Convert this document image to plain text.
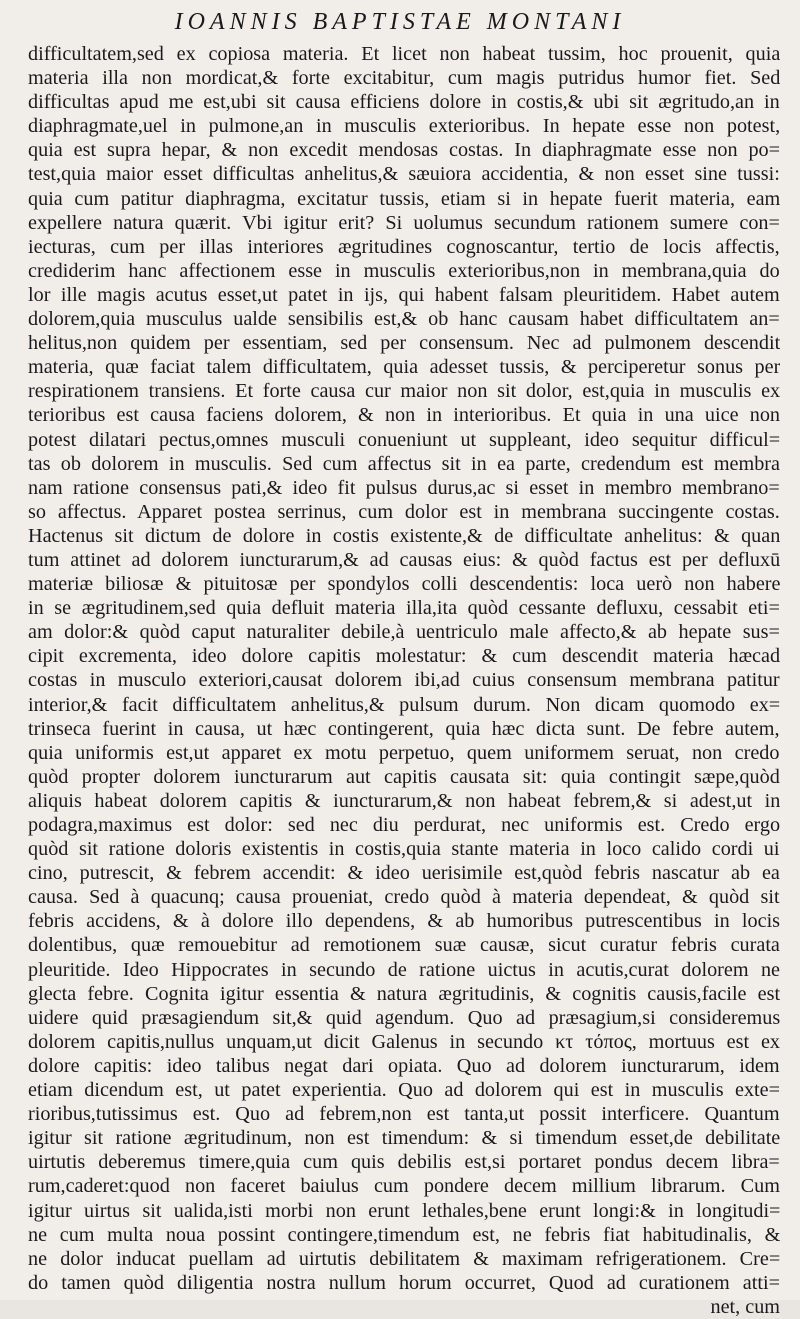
IOANNIS BAPTISTAE MONTANI
difficultatem,sed ex copiosa materia. Et licet non habeat tussim, hoc prouenit, quia
materia illa non mordicat,& forte excitabitur, cum magis putridus humor fiet. Sed
difficultas apud me est,ubi sit causa efficiens dolore in costis,& ubi sit ægritudo,an in
diaphragmate,uel in pulmone,an in musculis exterioribus. In hepate esse non potest,
quia est supra hepar, & non excedit mendosas costas. In diaphragmate esse non po=
test,quia maior esset difficultas anhelitus,& sæuiora accidentia, & non esset sine tussi:
quia cum patitur diaphragma, excitatur tussis, etiam si in hepate fuerit materia, eam
expellere natura quærit. Vbi igitur erit? Si uolumus secundum rationem sumere con=
iecturas, cum per illas interiores ægritudines cognoscantur, tertio de locis affectis,
crediderim hanc affectionem esse in musculis exterioribus,non in membrana,quia do
lor ille magis acutus esset,ut patet in ijs, qui habent falsam pleuritidem. Habet autem
dolorem,quia musculus ualde sensibilis est,& ob hanc causam habet difficultatem an=
helitus,non quidem per essentiam, sed per consensum. Nec ad pulmonem descendit
materia, quæ faciat talem difficultatem, quia adesset tussis, & perciperetur sonus per
respirationem transiens. Et forte causa cur maior non sit dolor, est,quia in musculis ex
terioribus est causa faciens dolorem, & non in interioribus. Et quia in una uice non
potest dilatari pectus,omnes musculi conueniunt ut suppleant, ideo sequitur difficul=
tas ob dolorem in musculis. Sed cum affectus sit in ea parte, credendum est membra
nam ratione consensus pati,& ideo fit pulsus durus,ac si esset in membro membrano=
so affectus. Apparet postea serrinus, cum dolor est in membrana succingente costas.
Hactenus sit dictum de dolore in costis existente,& de difficultate anhelitus: & quan
tum attinet ad dolorem iuncturarum,& ad causas eius: & quòd factus est per defluxū
materiæ biliosæ & pituitosæ per spondylos colli descendentis: loca uerò non habere
in se ægritudinem,sed quia defluit materia illa,ita quòd cessante defluxu, cessabit eti=
am dolor:& quòd caput naturaliter debile,à uentriculo male affecto,& ab hepate sus=
cipit excrementa, ideo dolore capitis molestatur: & cum descendit materia hæcad
costas in musculo exteriori,causat dolorem ibi,ad cuius consensum membrana patitur
interior,& facit difficultatem anhelitus,& pulsum durum. Non dicam quomodo ex=
trinseca fuerint in causa, ut hæc contingerent, quia hæc dicta sunt. De febre autem,
quia uniformis est,ut apparet ex motu perpetuo, quem uniformem seruat, non credo
quòd propter dolorem iuncturarum aut capitis causata sit: quia contingit sæpe,quòd
aliquis habeat dolorem capitis & iuncturarum,& non habeat febrem,& si adest,ut in
podagra,maximus est dolor: sed nec diu perdurat, nec uniformis est. Credo ergo
quòd sit ratione doloris existentis in costis,quia stante materia in loco calido cordi ui
cino, putrescit, & febrem accendit: & ideo uerisimile est,quòd febris nascatur ab ea
causa. Sed à quacunq; causa proueniat, credo quòd à materia dependeat, & quòd sit
febris accidens, & à dolore illo dependens, & ab humoribus putrescentibus in locis
dolentibus, quæ remouebitur ad remotionem suæ causæ, sicut curatur febris curata
pleuritide. Ideo Hippocrates in secundo de ratione uictus in acutis,curat dolorem ne
glecta febre. Cognita igitur essentia & natura ægritudinis, & cognitis causis,facile est
uidere quid præsagiendum sit,& quid agendum. Quo ad præsagium,si consideremus
dolorem capitis,nullus unquam,ut dicit Galenus in secundo κτ τόπος, mortuus est ex
dolore capitis: ideo talibus negat dari opiata. Quo ad dolorem iuncturarum, idem
etiam dicendum est, ut patet experientia. Quo ad dolorem qui est in musculis exte=
rioribus,tutissimus est. Quo ad febrem,non est tanta,ut possit interficere. Quantum
igitur sit ratione ægritudinum, non est timendum: & si timendum esset,de debilitate
uirtutis deberemus timere,quia cum quis debilis est,si portaret pondus decem libra=
rum,caderet:quod non faceret baiulus cum pondere decem millium librarum. Cum
igitur uirtus sit ualida,isti morbi non erunt lethales,bene erunt longi:& in longitudi=
ne cum multa noua possint contingere,timendum est, ne febris fiat habitudinalis, &
ne dolor inducat puellam ad uirtutis debilitatem & maximam refrigerationem. Cre=
do tamen quòd diligentia nostra nullum horum occurret, Quod ad curationem atti=
net, cum
